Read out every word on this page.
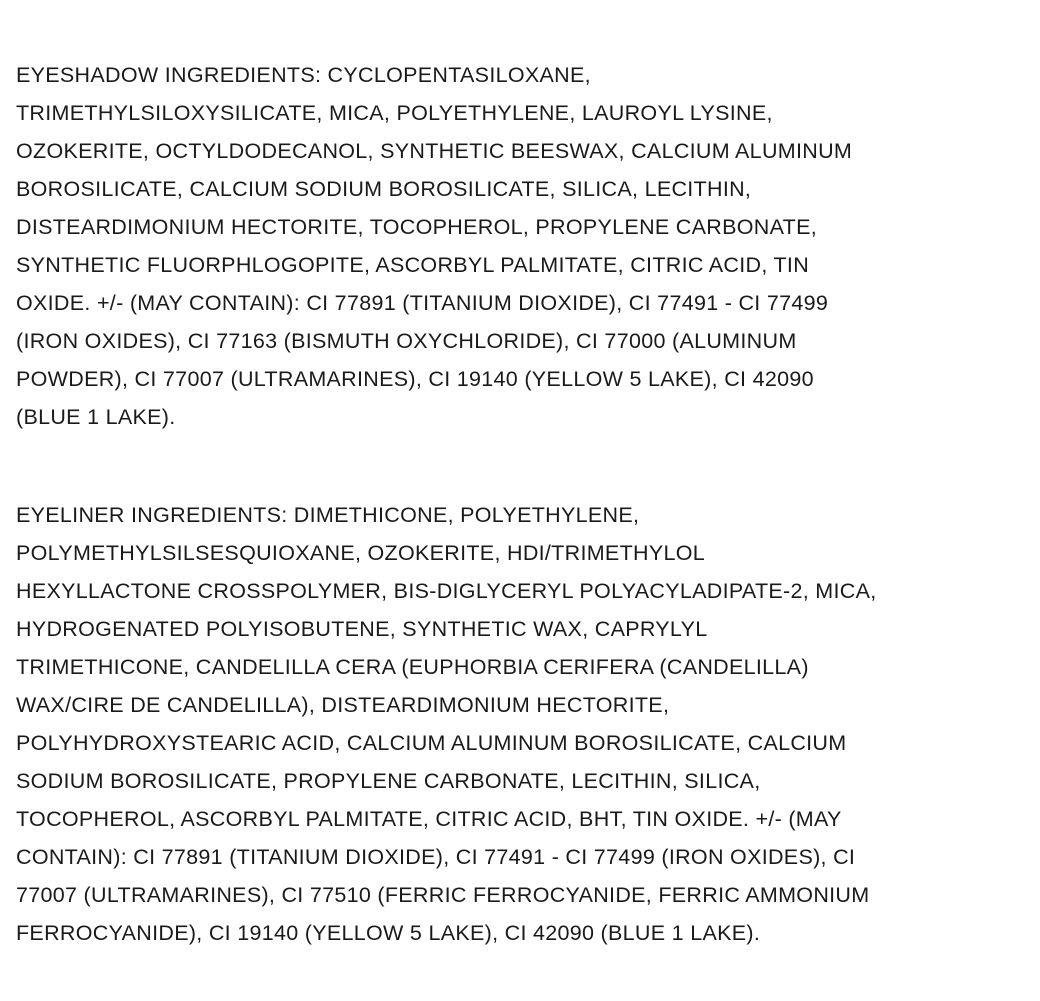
EYESHADOW INGREDIENTS: CYCLOPENTASILOXANE,
TRIMETHYLSILOXYSILICATE, MICA, POLYETHYLENE, LAUROYL LYSINE,
OZOKERITE, OCTYLDODECANOL, SYNTHETIC BEESWAX, CALCIUM ALUMINUM
BOROSILICATE, CALCIUM SODIUM BOROSILICATE, SILICA, LECITHIN,
DISTEARDIMONIUM HECTORITE, TOCOPHEROL, PROPYLENE CARBONATE,
SYNTHETIC FLUORPHLOGOPITE, ASCORBYL PALMITATE, CITRIC ACID, TIN
OXIDE. +/- (MAY CONTAIN): CI 77891 (TITANIUM DIOXIDE), CI 77491 - CI 77499
(IRON OXIDES), CI 77163 (BISMUTH OXYCHLORIDE), CI 77000 (ALUMINUM
POWDER), CI 77007 (ULTRAMARINES), CI 19140 (YELLOW 5 LAKE), CI 42090
(BLUE 1 LAKE).

EYELINER INGREDIENTS: DIMETHICONE, POLYETHYLENE,
POLYMETHYLSILSESQUIOXANE, OZOKERITE, HDI/TRIMETHYLOL
HEXYLLACTONE CROSSPOLYMER, BIS-DIGLYCERYL POLYACYLADIPATE-2, MICA,
HYDROGENATED POLYISOBUTENE, SYNTHETIC WAX, CAPRYLYL
TRIMETHICONE, CANDELILLA CERA (EUPHORBIA CERIFERA (CANDELILLA)
WAX/CIRE DE CANDELILLA), DISTEARDIMONIUM HECTORITE,
POLYHYDROXYSTEARIC ACID, CALCIUM ALUMINUM BOROSILICATE, CALCIUM
SODIUM BOROSILICATE, PROPYLENE CARBONATE, LECITHIN, SILICA,
TOCOPHEROL, ASCORBYL PALMITATE, CITRIC ACID, BHT, TIN OXIDE. +/- (MAY
CONTAIN): CI 77891 (TITANIUM DIOXIDE), CI 77491 - CI 77499 (IRON OXIDES), CI
77007 (ULTRAMARINES), CI 77510 (FERRIC FERROCYANIDE, FERRIC AMMONIUM
FERROCYANIDE), CI 19140 (YELLOW 5 LAKE), CI 42090 (BLUE 1 LAKE).
